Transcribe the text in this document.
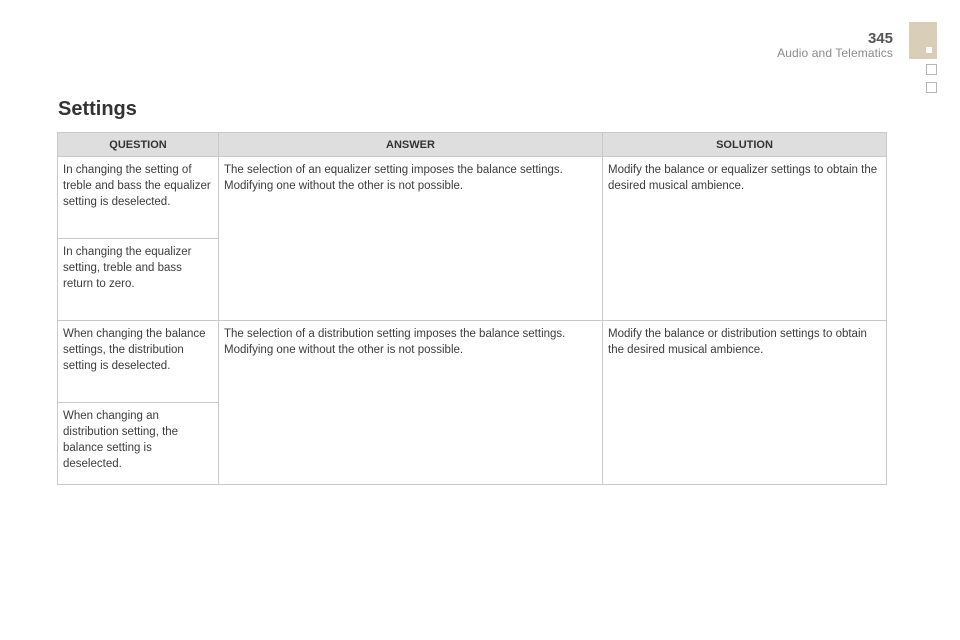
345
Audio and Telematics
Settings
QUESTION	ANSWER	SOLUTION
In changing the setting of treble and bass the equalizer setting is deselected.	The selection of an equalizer setting imposes the balance settings. Modifying one without the other is not possible.	Modify the balance or equalizer settings to obtain the desired musical ambience.
In changing the equalizer setting, treble and bass return to zero.		
When changing the balance settings, the distribution setting is deselected.	The selection of a distribution setting imposes the balance settings. Modifying one without the other is not possible.	Modify the balance or distribution settings to obtain the desired musical ambience.
When changing an distribution setting, the balance setting is deselected.		
